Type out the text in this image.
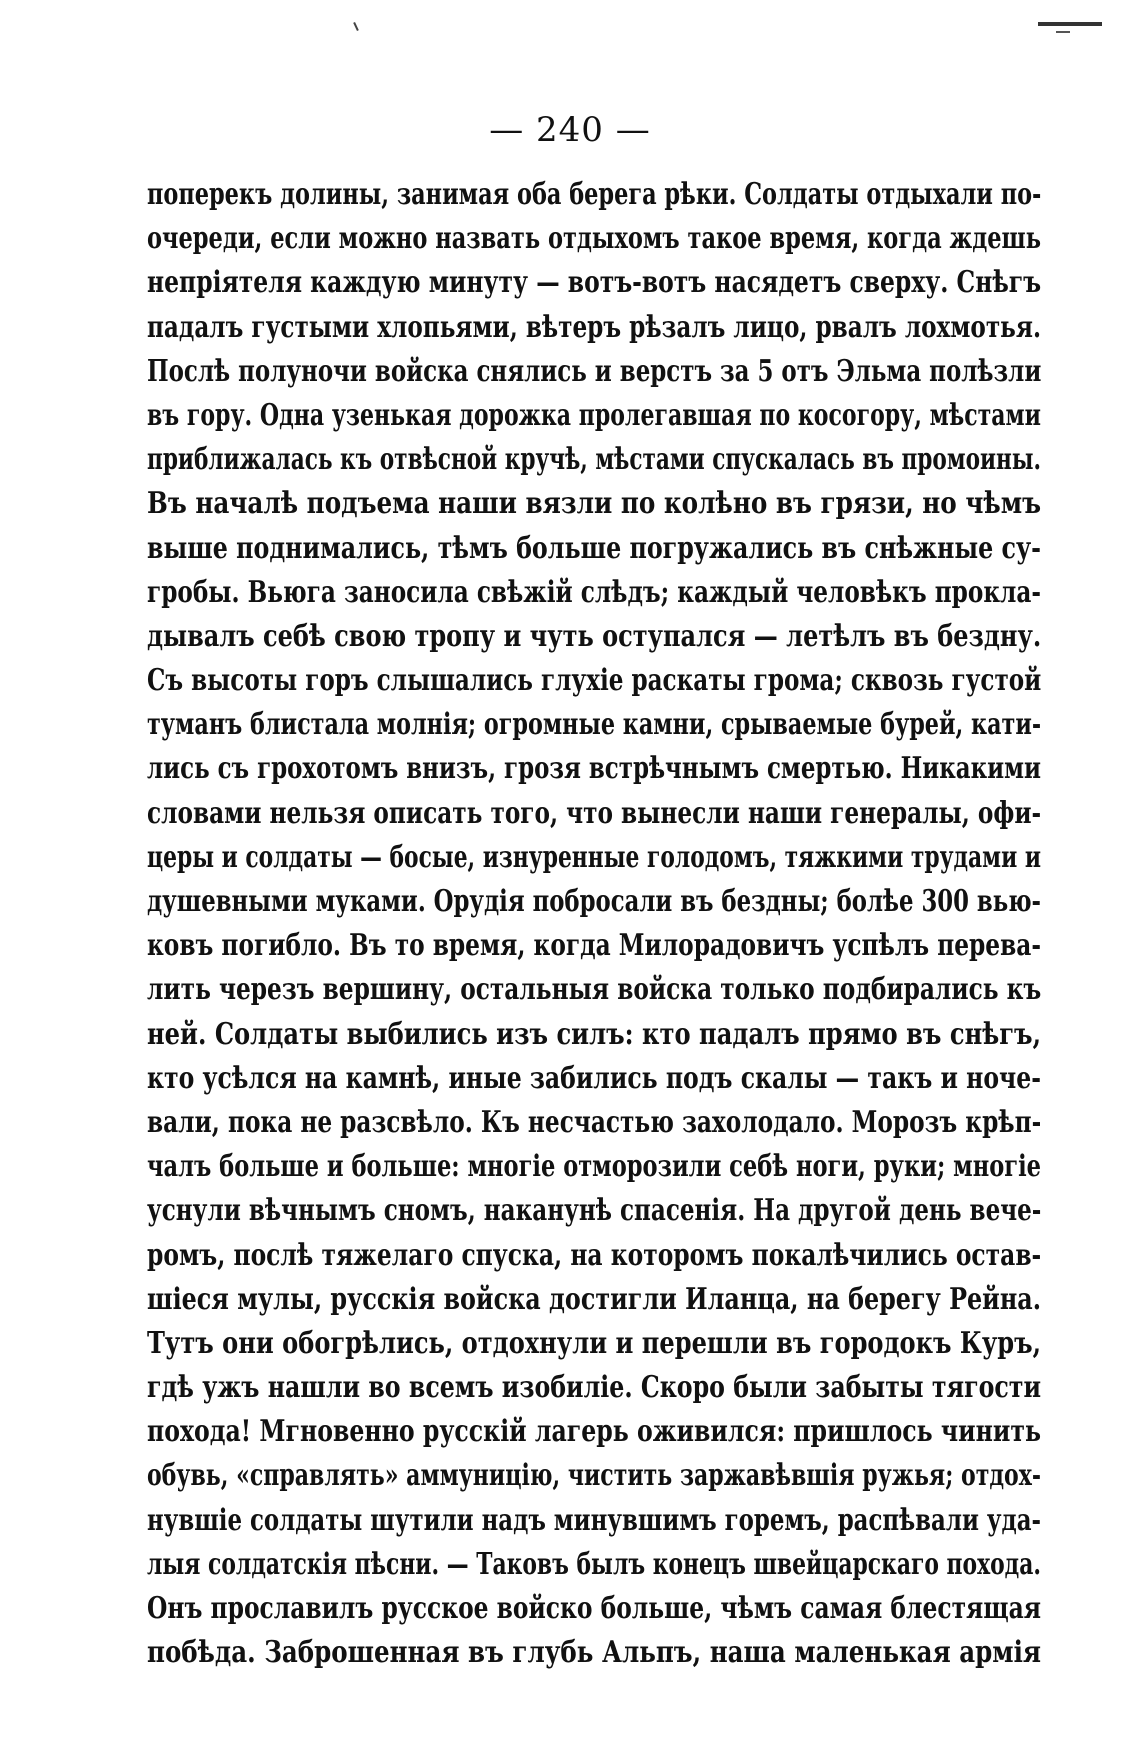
— 240 —
поперекъ долины, занимая оба берега рѣки. Солдаты отдыхали по-
очереди, если можно назвать отдыхомъ такое время, когда ждешь
непріятеля каждую минуту — вотъ-вотъ насядетъ сверху. Снѣгъ
падалъ густыми хлопьями, вѣтеръ рѣзалъ лицо, рвалъ лохмотья.
Послѣ полуночи войска снялись и верстъ за 5 отъ Эльма полѣзли
въ гору. Одна узенькая дорожка пролегавшая по косогору, мѣстами
приближалась къ отвѣсной кручѣ, мѣстами спускалась въ промоины.
Въ началѣ подъема наши вязли по колѣно въ грязи, но чѣмъ
выше поднимались, тѣмъ больше погружались въ снѣжные су-
гробы. Вьюга заносила свѣжій слѣдъ; каждый человѣкъ прокла-
дывалъ себѣ свою тропу и чуть оступался — летѣлъ въ бездну.
Съ высоты горъ слышались глухіе раскаты грома; сквозь густой
туманъ блистала молнія; огромные камни, срываемые бурей, кати-
лись съ грохотомъ внизъ, грозя встрѣчнымъ смертью. Никакими
словами нельзя описать того, что вынесли наши генералы, офи-
церы и солдаты — босые, изнуренные голодомъ, тяжкими трудами и
душевными муками. Орудія побросали въ бездны; болѣе 300 вью-
ковъ погибло. Въ то время, когда Милорадовичъ успѣлъ перева-
лить черезъ вершину, остальныя войска только подбирались къ
ней. Солдаты выбились изъ силъ: кто падалъ прямо въ снѣгъ,
кто усѣлся на камнѣ, иные забились подъ скалы — такъ и ноче-
вали, пока не разсвѣло. Къ несчастью захолодало. Морозъ крѣп-
чалъ больше и больше: многіе отморозили себѣ ноги, руки; многіе
уснули вѣчнымъ сномъ, наканунѣ спасенія. На другой день вече-
ромъ, послѣ тяжелаго спуска, на которомъ покалѣчились остав-
шіеся мулы, русскія войска достигли Иланца, на берегу Рейна.
Тутъ они обогрѣлись, отдохнули и перешли въ городокъ Куръ,
гдѣ ужъ нашли во всемъ изобиліе. Скоро были забыты тягости
похода! Мгновенно русскій лагерь оживился: пришлось чинить
обувь, «справлять» аммуницію, чистить заржавѣвшія ружья; отдох-
нувшіе солдаты шутили надъ минувшимъ горемъ, распѣвали уда-
лыя солдатскія пѣсни. — Таковъ былъ конецъ швейцарскаго похода.
Онъ прославилъ русское войско больше, чѣмъ самая блестящая
побѣда. Заброшенная въ глубь Альпъ, наша маленькая армія
